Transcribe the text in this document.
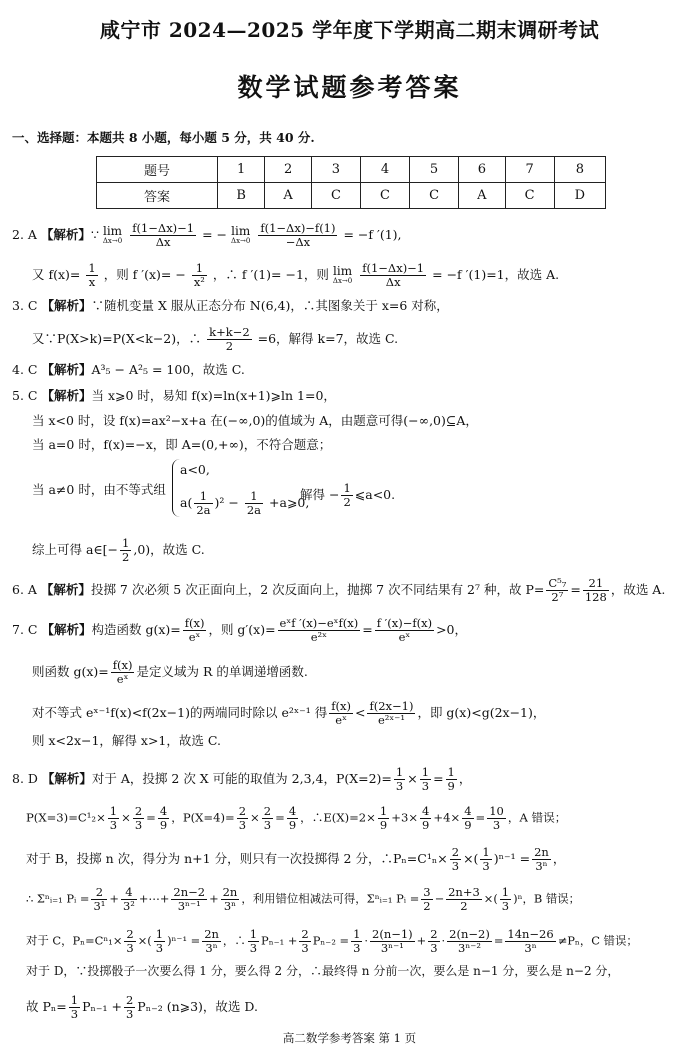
咸宁市 2024—2025 学年度下学期高二期末调研考试
数学试题参考答案
一、选择题：本题共 8 小题，每小题 5 分，共 40 分.
题号	1	2	3	4	5	6	7	8
答案	B	A	C	C	C	A	C	D
2. A 【解析】∵ lim
Δx→0
$\frac{f(1-\Delta x)-1}{\Delta x}$ = − lim
Δx→0
$\frac{f(1-\Delta x)-f(1)}{-\Delta x} = -f$ ′(1),
又 $f(x)= \frac{1}{x}$ ，则 f $'(x)= - \frac{1}{\text{x²}}$ ，∴ f ′(1)= −1，则 lim
Δx→0
$\frac{f(1-\Delta x)-1}{\Delta x} = -f$ ′(1)=1，故选 A.
3. C 【解析】∵随机变量 X 服从正态分布 N(6,4)，∴其图象关于 x=6 对称，
又∵P(X>k)=P(X<k−2)，∴ $\frac{k+k-2}{2} =6$，解得 k=7，故选 C.
4. C 【解析】A³₅ − A²₅ = 100，故选 C.
5. C 【解析】当 x⩾0 时，易知 f(x)=ln(x+1)⩾ln 1=0，
当 x<0 时，设 f(x)=ax²−x+a 在(−∞,0)的值域为 A，由题意可得(−∞,0)⊆A，
当 a=0 时，f(x)=−x，即 A=(0,+∞)，不符合题意；
当 a≠0 时，由不等式组
a<0,
$a( \frac{1}{2a} )^2 - \frac{1}{2a}$ +a⩾0,
解得 − $\frac{1}{2}$ ⩽a<0.
综上可得 a∈[− $\frac{1}{2} ,0$)，故选 C.
6. A 【解析】投掷 7 次必须 5 次正面向上，2 次反面向上，抛掷 7 次不同结果有 2⁷ 种，故 $P= \frac{\text{C⁵₇}}{\text{2⁷}} = \frac{21}{128}$ ，故选 A.
7. C 【解析】构造函数 $g(x)= \frac{f(x)}{\text{eˣ}}$ ，则 $g'(x)= \frac{\text{eˣf ′(x)−eˣf(x)}}{\text{e²ˣ}} = \frac{f '(x)-f(x)}{\text{eˣ}} >0$，
则函数 $g(x)= \frac{f(x)}{\text{eˣ}}$ 是定义域为 R 的单调递增函数.
对不等式 eˣ⁻¹f(x)<f(2x−1)的两端同时除以 e²ˣ⁻¹ 得 $\frac{f(x)}{\text{eˣ}} < \frac{f(2x-1)}{\text{e²ˣ⁻¹}}$ ，即 g(x)<g(2x−1)，
则 x<2x−1，解得 x>1，故选 C.
8. D 【解析】对于 A，投掷 2 次 X 可能的取值为 2,3,4，$P(X=2)= \frac{1}{3} \times \frac{1}{3} = \frac{1}{9}$ ，
$P(X=3)=C^1_2\times \frac{1}{3} \times \frac{2}{3} = \frac{4}{9}$ ，$P(X=4)= \frac{2}{3} \times \frac{2}{3} = \frac{4}{9}$ ，∴E(X)=2× $\frac{1}{9} +3\times \frac{4}{9} +4\times \frac{4}{9} = \frac{10}{3}$ ，A 错误；
对于 B，投掷 n 次，得分为 n+1 分，则只有一次投掷得 2 分，∴Pₙ=C¹ₙ× $\frac{2}{3}$ ×( $\frac{1}{3} )^{n-1} = \frac{2n}{\text{3ⁿ}}$ ，
∴ Σⁿᵢ₌₁ Pᵢ = $\frac{2}{\text{3¹}} + \frac{4}{\text{3²}}$ +⋯+ $\frac{2n-2}{\text{3ⁿ⁻¹}} + \frac{2n}{\text{3ⁿ}}$ ，利用错位相减法可得，Σⁿᵢ₌₁ Pᵢ = $\frac{3}{2} - \frac{2n+3}{2}$ ×( $\frac{1}{3} )^n$，B 错误；
对于 C，$P_n=C^n_1\times \frac{2}{3}$ ×( $\frac{1}{3} )^{n-1} = \frac{2n}{\text{3ⁿ}}$ ，∴ $\frac{1}{3} P_{n-1} + \frac{2}{3} P_{n-2} = \frac{1}{3} \cdot \frac{2(n-1)}{\text{3ⁿ⁻¹}} + \frac{2}{3} \cdot \frac{2(n-2)}{\text{3ⁿ⁻²}} = \frac{14n-26}{\text{3ⁿ}} \ne P_n$，C 错误；
对于 D，∵投掷骰子一次要么得 1 分，要么得 2 分，∴最终得 n 分前一次，要么是 n−1 分，要么是 n−2 分，
故 $P_n= \frac{1}{3} P_{n-1} + \frac{2}{3} P_{n-2}$ (n⩾3)，故选 D.
高二数学参考答案 第 1 页
